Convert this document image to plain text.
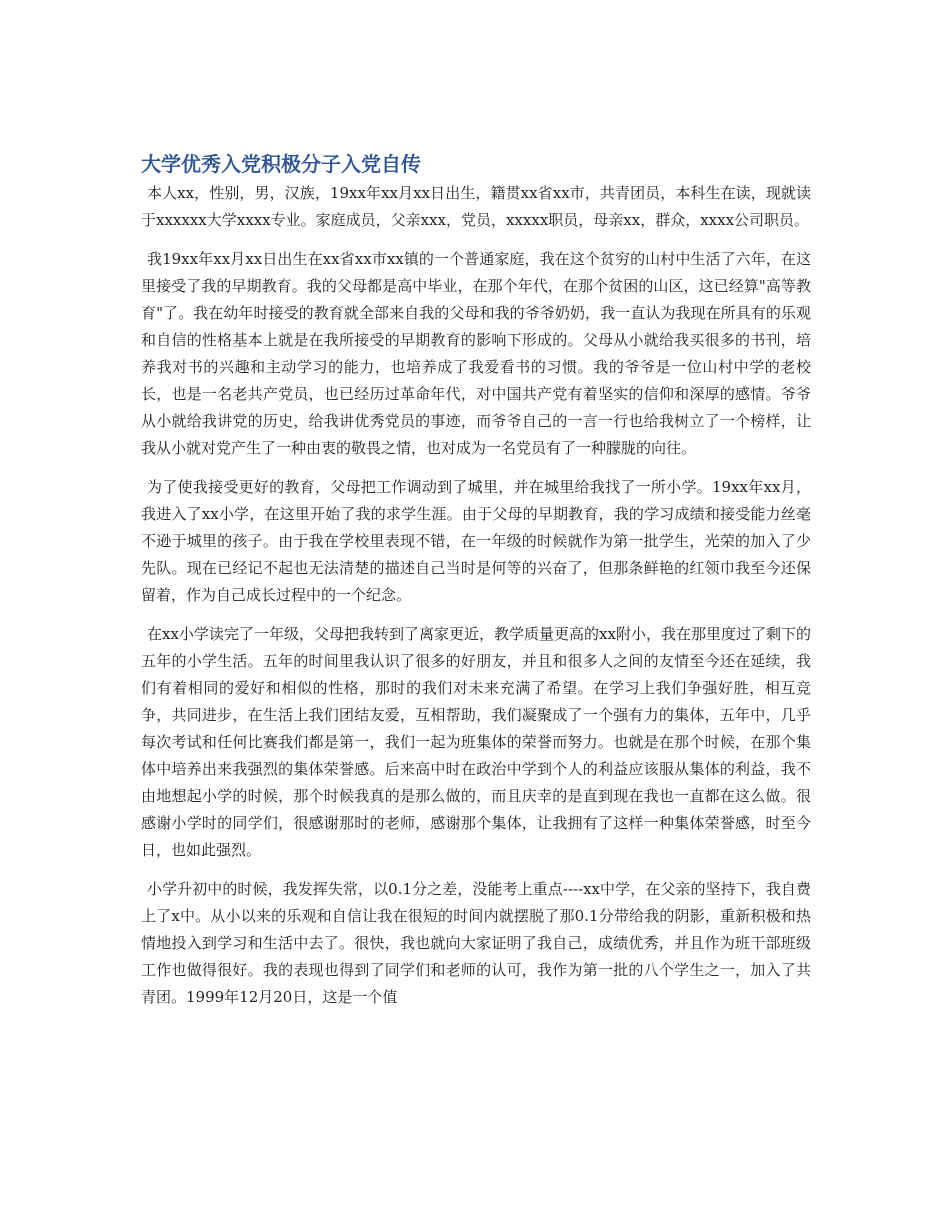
大学优秀入党积极分子入党自传

本人xx，性别，男，汉族，19xx年xx月xx日出生，籍贯xx省xx市，共青团员，本科生在读，现就读于xxxxxx大学xxxx专业。家庭成员，父亲xxx，党员，xxxxx职员，母亲xx，群众，xxxx公司职员。

我19xx年xx月xx日出生在xx省xx市xx镇的一个普通家庭，我在这个贫穷的山村中生活了六年，在这里接受了我的早期教育。我的父母都是高中毕业，在那个年代，在那个贫困的山区，这已经算"高等教育"了。我在幼年时接受的教育就全部来自我的父母和我的爷爷奶奶，我一直认为我现在所具有的乐观和自信的性格基本上就是在我所接受的早期教育的影响下形成的。父母从小就给我买很多的书刊，培养我对书的兴趣和主动学习的能力，也培养成了我爱看书的习惯。我的爷爷是一位山村中学的老校长，也是一名老共产党员，也已经历过革命年代，对中国共产党有着坚实的信仰和深厚的感情。爷爷从小就给我讲党的历史，给我讲优秀党员的事迹，而爷爷自己的一言一行也给我树立了一个榜样，让我从小就对党产生了一种由衷的敬畏之情，也对成为一名党员有了一种朦胧的向往。

为了使我接受更好的教育，父母把工作调动到了城里，并在城里给我找了一所小学。19xx年xx月，我进入了xx小学，在这里开始了我的求学生涯。由于父母的早期教育，我的学习成绩和接受能力丝毫不逊于城里的孩子。由于我在学校里表现不错，在一年级的时候就作为第一批学生，光荣的加入了少先队。现在已经记不起也无法清楚的描述自己当时是何等的兴奋了，但那条鲜艳的红领巾我至今还保留着，作为自己成长过程中的一个纪念。

在xx小学读完了一年级，父母把我转到了离家更近，教学质量更高的xx附小，我在那里度过了剩下的五年的小学生活。五年的时间里我认识了很多的好朋友，并且和很多人之间的友情至今还在延续，我们有着相同的爱好和相似的性格，那时的我们对未来充满了希望。在学习上我们争强好胜，相互竞争，共同进步，在生活上我们团结友爱，互相帮助，我们凝聚成了一个强有力的集体，五年中，几乎每次考试和任何比赛我们都是第一，我们一起为班集体的荣誉而努力。也就是在那个时候，在那个集体中培养出来我强烈的集体荣誉感。后来高中时在政治中学到个人的利益应该服从集体的利益，我不由地想起小学的时候，那个时候我真的是那么做的，而且庆幸的是直到现在我也一直都在这么做。很感谢小学时的同学们，很感谢那时的老师，感谢那个集体，让我拥有了这样一种集体荣誉感，时至今日，也如此强烈。

小学升初中的时候，我发挥失常，以0.1分之差，没能考上重点----xx中学，在父亲的坚持下，我自费上了x中。从小以来的乐观和自信让我在很短的时间内就摆脱了那0.1分带给我的阴影，重新积极和热情地投入到学习和生活中去了。很快，我也就向大家证明了我自己，成绩优秀，并且作为班干部班级工作也做得很好。我的表现也得到了同学们和老师的认可，我作为第一批的八个学生之一，加入了共青团。1999年12月20日，这是一个值
